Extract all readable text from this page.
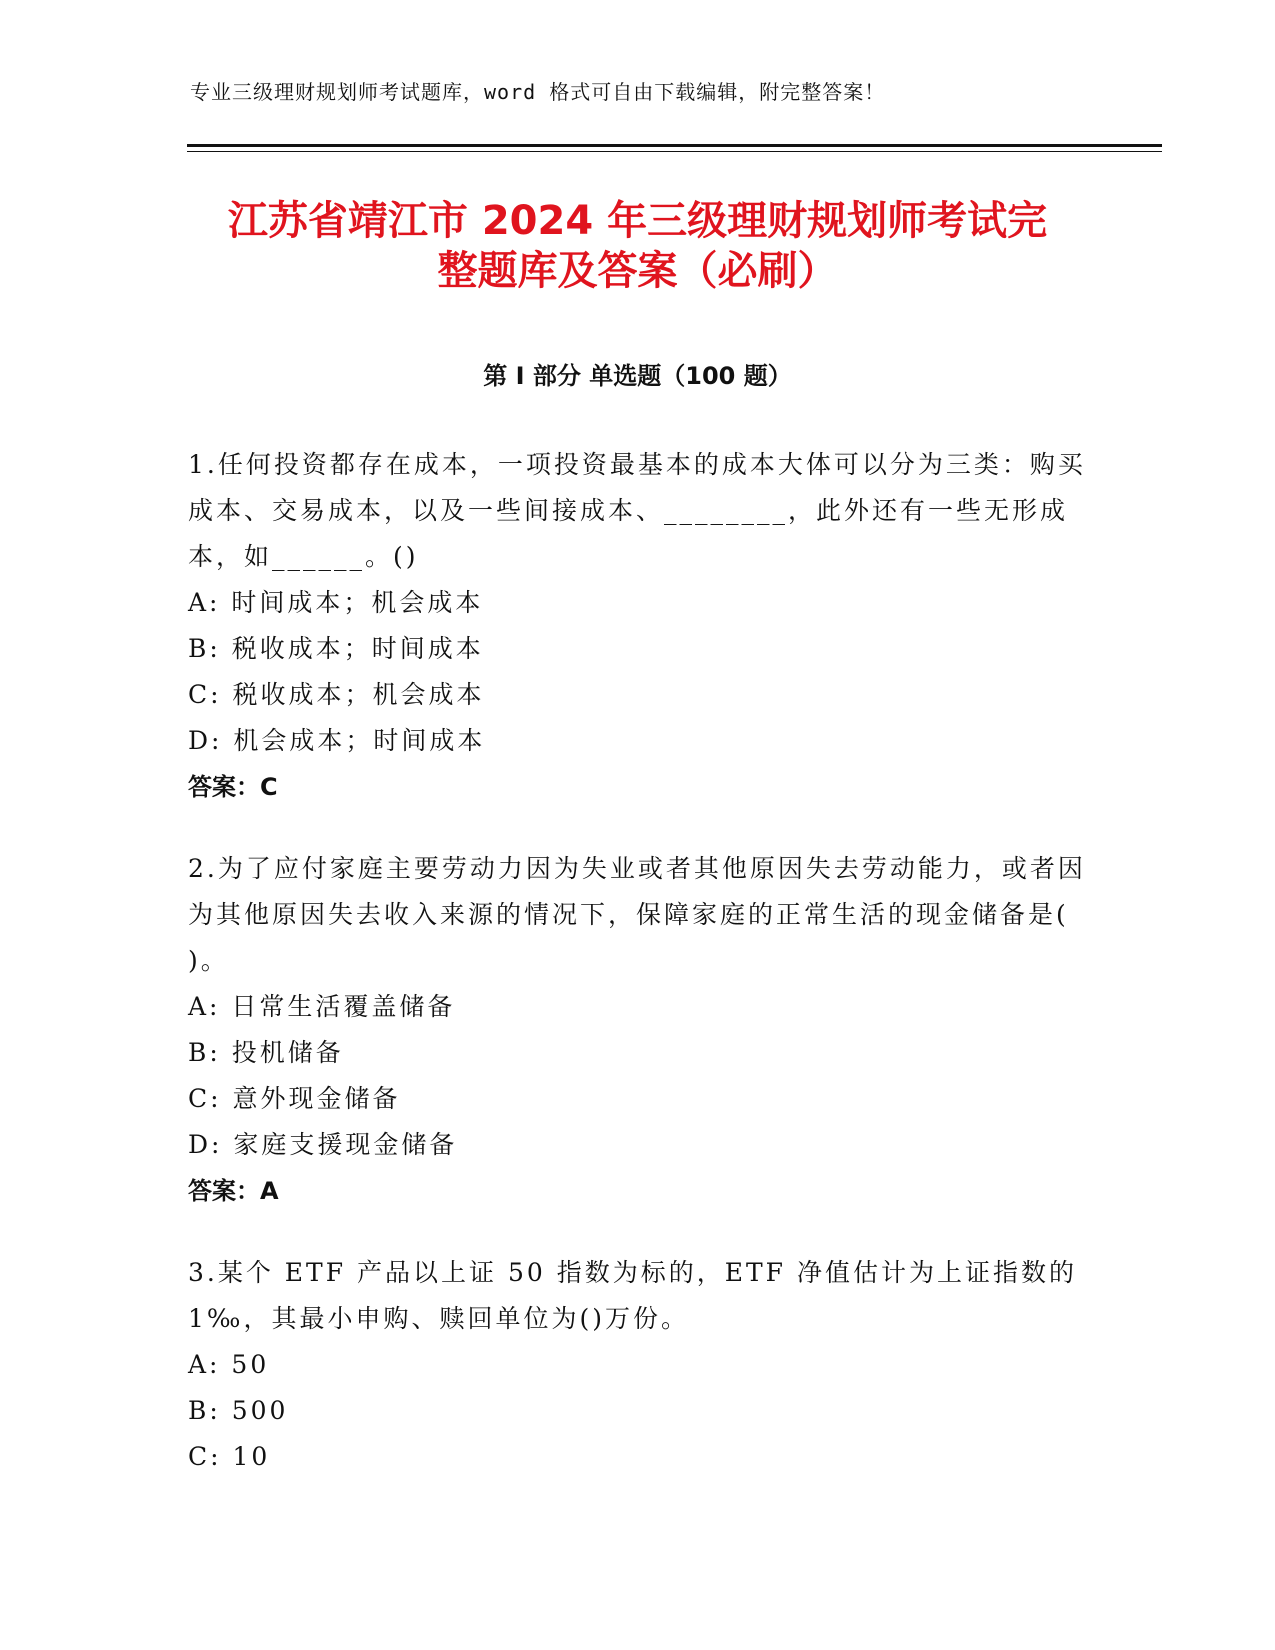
专业三级理财规划师考试题库，word 格式可自由下载编辑，附完整答案！
江苏省靖江市 2024 年三级理财规划师考试完
整题库及答案（必刷）
第 I 部分 单选题（100 题）

1.任何投资都存在成本，一项投资最基本的成本大体可以分为三类：购买成本、交易成本，以及一些间接成本、________，此外还有一些无形成本，如______。()

A: 时间成本；机会成本

B: 税收成本；时间成本

C: 税收成本；机会成本

D: 机会成本；时间成本

答案：C

2.为了应付家庭主要劳动力因为失业或者其他原因失去劳动能力，或者因为其他原因失去收入来源的情况下，保障家庭的正常生活的现金储备是( )。

A: 日常生活覆盖储备

B: 投机储备

C: 意外现金储备

D: 家庭支援现金储备

答案：A

3.某个 ETF 产品以上证 50 指数为标的，ETF 净值估计为上证指数的 1‰，其最小申购、赎回单位为()万份。

A: 50

B: 500

C: 10
